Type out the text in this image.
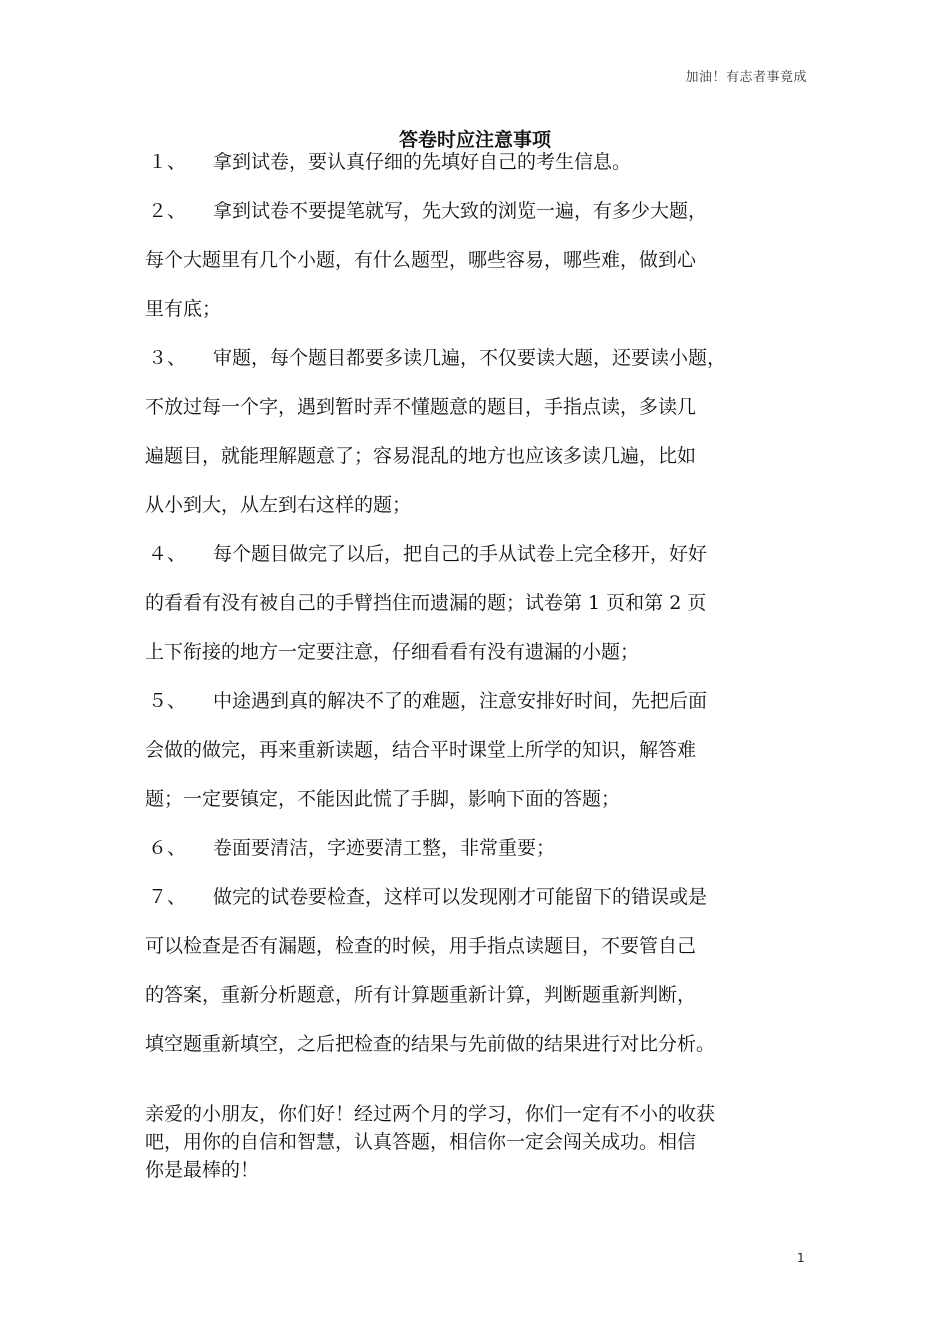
加油！有志者事竟成
答卷时应注意事项
１、 拿到试卷，要认真仔细的先填好自己的考生信息。
２、 拿到试卷不要提笔就写，先大致的浏览一遍，有多少大题，
每个大题里有几个小题，有什么题型，哪些容易，哪些难，做到心
里有底；
３、 审题，每个题目都要多读几遍，不仅要读大题，还要读小题，
不放过每一个字，遇到暂时弄不懂题意的题目，手指点读，多读几
遍题目，就能理解题意了；容易混乱的地方也应该多读几遍，比如
从小到大，从左到右这样的题；
４、 每个题目做完了以后，把自己的手从试卷上完全移开，好好
的看看有没有被自己的手臂挡住而遗漏的题；试卷第 1 页和第 2 页
上下衔接的地方一定要注意，仔细看看有没有遗漏的小题；
５、 中途遇到真的解决不了的难题，注意安排好时间，先把后面
会做的做完，再来重新读题，结合平时课堂上所学的知识，解答难
题；一定要镇定，不能因此慌了手脚，影响下面的答题；
６、 卷面要清洁，字迹要清工整，非常重要；
７、 做完的试卷要检查，这样可以发现刚才可能留下的错误或是
可以检查是否有漏题，检查的时候，用手指点读题目，不要管自己
的答案，重新分析题意，所有计算题重新计算，判断题重新判断，
填空题重新填空，之后把检查的结果与先前做的结果进行对比分析。
亲爱的小朋友，你们好！经过两个月的学习，你们一定有不小的收获
吧，用你的自信和智慧，认真答题，相信你一定会闯关成功。相信
你是最棒的！
1
